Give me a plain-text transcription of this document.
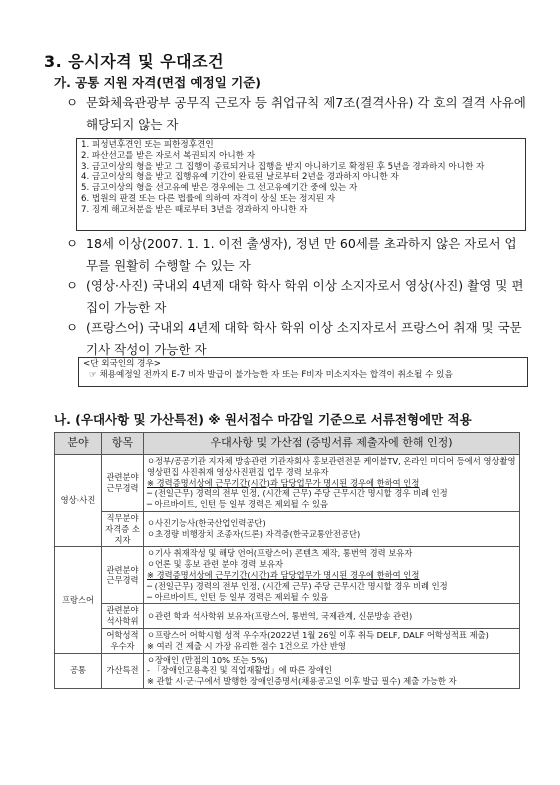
3. 응시자격 및 우대조건
가. 공통 지원 자격(면접 예정일 기준)
ㅇ 문화체육관광부 공무직 근로자 등 취업규칙 제7조(결격사유) 각 호의 결격 사유에 해당되지 않는 자
1. 피성년후견인 또는 피한정후견인
2. 파산선고를 받은 자로서 복권되지 아니한 자
3. 금고이상의 형을 받고 그 집행이 종료되거나 집행을 받지 아니하기로 확정된 후 5년을 경과하지 아니한 자
4. 금고이상의 형을 받고 집행유예 기간이 완료된 날로부터 2년을 경과하지 아니한 자
5. 금고이상의 형을 선고유예 받은 경우에는 그 선고유예기간 중에 있는 자
6. 법원의 판결 또는 다른 법률에 의하여 자격이 상실 또는 정지된 자
7. 징계 해고처분을 받은 때로부터 3년을 경과하지 아니한 자
ㅇ 18세 이상(2007. 1. 1. 이전 출생자), 정년 만 60세를 초과하지 않은 자로서 업무를 원활히 수행할 수 있는 자
ㅇ (영상·사진) 국내외 4년제 대학 학사 학위 이상 소지자로서 영상(사진) 촬영 및 편집이 가능한 자
ㅇ (프랑스어) 국내외 4년제 대학 학사 학위 이상 소지자로서 프랑스어 취재 및 국문 기사 작성이 가능한 자
<단 외국인의 경우>
☞ 채용예정일 전까지 E-7 비자 발급이 불가능한 자 또는 F비자 미소지자는 합격이 취소될 수 있음
나. (우대사항 및 가산특전) ※ 원서접수 마감일 기준으로 서류전형에만 적용
분야	항목	우대사항 및 가산점 (증빙서류 제출자에 한해 인정)
영상·사진	관련분야 근무경력	ㅇ정부/공공기관 지자체 방송관련 기관자회사 홍보관련전문 케이블TV, 온라인 미디어 등에서 영상촬영 영상편집 사진취재 영상사진편집 업무 경력 보유자
※ 경력증명서상에 근무기간(시간)과 담당업무가 명시된 경우에 한하여 인정
─ (전일근무) 경력의 전부 인정, (시간제 근무) 주당 근무시간 명시할 경우 비례 인정
─ 아르바이트, 인턴 등 일부 경력은 제외될 수 있음

	직무분야 자격증 소지자	ㅇ사진기능사(한국산업인력공단)
ㅇ초경량 비행장치 조종자(드론) 자격증(한국교통안전공단)

프랑스어	관련분야 근무경력	ㅇ기사 취재작성 및 해당 언어(프랑스어) 콘텐츠 제작, 통번역 경력 보유자
ㅇ언론 및 홍보 관련 분야 경력 보유자
※ 경력증명서상에 근무기간(시간)과 담당업무가 명시된 경우에 한하여 인정
─ (전일근무) 경력의 전부 인정, (시간제 근무) 주당 근무시간 명시할 경우 비례 인정
─ 아르바이트, 인턴 등 일부 경력은 제외될 수 있음

	관련분야 석사학위	ㅇ관련 학과 석사학위 보유자(프랑스어, 통번역, 국제관계, 신문방송 관련)

	어학성적 우수자	ㅇ프랑스어 어학시험 성적 우수자(2022년 1월 26일 이후 취득 DELF, DALF 어학성적표 제출)
※ 여러 건 제출 시 가장 유리한 점수 1건으로 가산 반영

공통	가산특전	ㅇ장애인 (만점의 10% 또는 5%)
- 「장애인고용촉진 및 직업재활법」에 따른 장애인
※ 관할 시·군·구에서 발행한 장애인증명서(채용공고일 이후 발급 필수) 제출 가능한 자
